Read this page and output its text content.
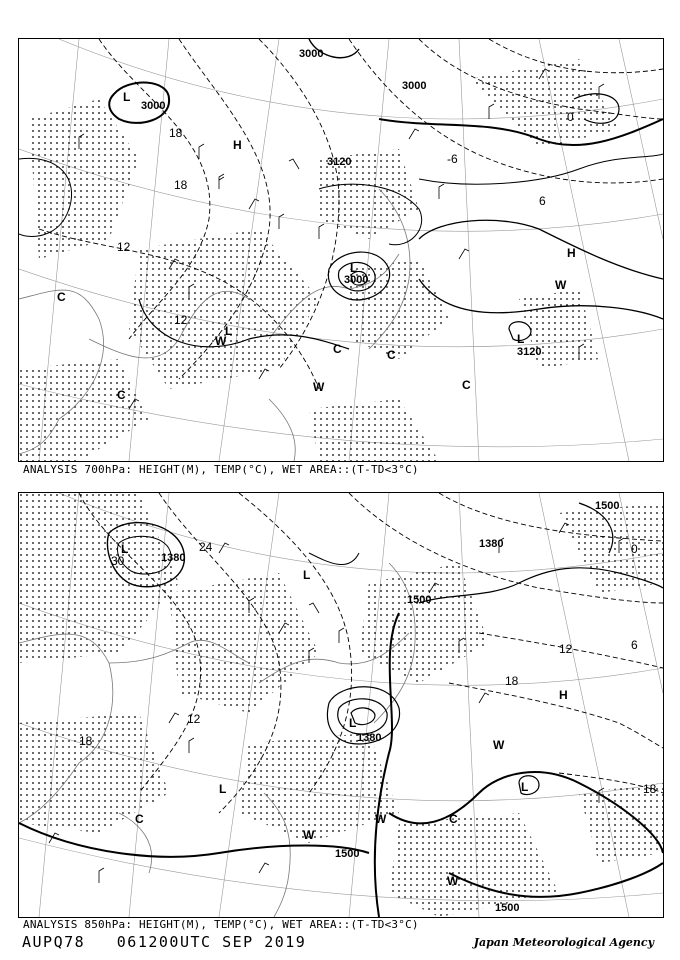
3000
3000
3000
3120
3120
3000
18
18
12
12
6
0
-6
L
L
L
L
H
H
W
W
W
C
C
C	C
C
ANALYSIS 700hPa: HEIGHT(M), TEMP(°C), WET AREA::(T-TD<3°C)
1380
1380
1380
1500
1500
1500
1500
30
24
18
18
12	6
0
12
18
L
L
L	L
L
H
W
W
W
W
C	C
ANALYSIS 850hPa: HEIGHT(M), TEMP(°C), WET AREA::(T-TD<3°C)
AUPQ78 061200UTC SEP 2019	Japan Meteorological Agency
